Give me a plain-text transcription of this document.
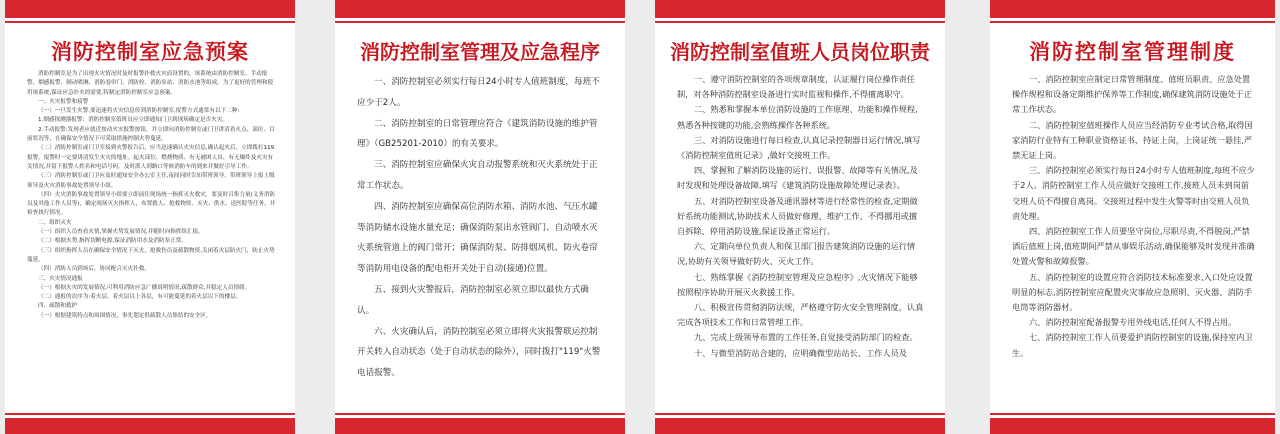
消防控制室应急预案

消防控制室是为了出现火灾情况时及时报警扑救火灾而设置的，该系统由消防控制室、手动报警、烟感报警、制动喷淋、消防卷帘门、消防栓、消防泵站、消防水池等组成。为了更好的管理和使用该系统,保证应急扑火的需要,特制定消防控制室应急预案。

一、火灾报警和接警

（一）一旦发生火警,要迅速将火灾信息传到消防控制室,报警方式通常有以下二种:

1.烟感探测器报警：消防控制室值班员应立即通知门卫到现场确定是否火灾。

2.手动报警:发现者应就近按动火灾报警按钮，并立即向消防控制室或门卫讲清着火点、部位、目前状况等，在确保安全情况下可采取措施控制火势蔓延。

（二）消防控制室或门卫室接到火警报告后，应当迅速确认火灾信息,确认起火后，立即拨打119报警。报警时一定要讲清发生火灾的地址、起火部位、燃烧物质、有无被困人员、有无爆炸及火灾有关情况,并留下报警人姓名和电话号码。及时派人到路口等候消防车的到来并做好引导工作。

（三）消防控制室或门卫应及时通知安全办公室主任,夜间同时告知带班领导。带班领导上报上级领导及火灾消防事故处置领导小组。

（四）火灾消防事故处置领导小组要立即前往现场统一指挥灭火救灾，要及时召集力量(义务消防员及其他工作人员等)，确定现场灭火指挥人，布置救人、抢救物资、灭火、供水、送医院等任务，并检查执行情况。

二、组织灭火

（一）组织人员查看火情,掌握火势发展情况,并随时向指挥组汇报。

（二）根据火势,指挥切断电源,保证消防用水及消防泵正常。

（三）组织指挥人员在确保安全情况下灭火，抢救伤员及疏散物资,关闭着火层防火门，防止火势蔓延。

（四）消防人员到场后，协同配合灭火扑救。

三、火灾情况通报

（一）根据火灾的发展情况,可利用消防应急广播说明情况,疏散群众,并稳定人员情绪。

（二）通报的次序为:着火层、着火层以上各层，有可能蔓延的着火层以下的楼层。

四、疏散和救护

（一）根据建筑特点和周围情况，事先划定供疏散人员集结的安全区。

消防控制室管理及应急程序

一、消防控制室必须实行每日24小时专人值班制度，每班不应少于2人。

二、消防控制室的日常管理应符合《建筑消防设施的维护管理》（GB25201-2010）的有关要求。

三、消防控制室应确保火灾自动报警系统和灭火系统处于正常工作状态。

四、消防控制室应确保高位消防水箱、消防水池、气压水罐等消防储水设施水量充足；确保消防泵出水管阀门、自动喷水灭火系统管道上的阀门常开；确保消防泵、防排烟风机、防火卷帘等消防用电设备的配电柜开关处于自动(接通)位置。

五、接到火灾警报后，消防控制室必须立即以最快方式确认。

六、火灾确认后，消防控制室必须立即将火灾报警联运控制开关转入自动状态（处于自动状态的除外），同时拨打"119"火警电话报警。

消防控制室值班人员岗位职责

一、遵守消防控制室的各项规章制度，认证履行岗位操作责任制，对各种消防控制室设备进行实时监视和操作,不得擅离职守。

二、熟悉和掌握本单位消防设施的工作原理、功能和操作规程,熟悉各种按键的功能,会熟练操作各种系统。

三、对消防设施进行每日检查,认真记录控制器日运行情况,填写《消防控制室值班记录》,做好交接班工作。

四、掌握和了解消防设施的运行、误报警、故障等有关情况,及时发现和处理设备故障,填写《建筑消防设施故障处理记录表》。

五、对消防控制室设备及通讯器材等进行经常性的检查,定期做好系统功能测试,协助技术人员做好修理、维护工作，不得挪用或擅自拆除、停用消防设施,保证设备正常运行。

六、定期向单位负责人和保卫部门报告建筑消防设施的运行情况,协助有关领导做好防火、灭火工作。

七、熟练掌握《消防控制室管理及应急程序》,火灾情况下能够按照程序协助开展灭火救援工作。

八、积极宣传贯彻消防法规，严格遵守防火安全管理制度，认真完成各项技术工作和日常管理工作。

九、完成上级领导布置的工作任务,自觉接受消防部门的检查。

十、与微型消防站合建的，应明确微型站站长、工作人员及

消防控制室管理制度

一、消防控制室应制定日常管理制度、值班员职责、应急处置操作规程和设备定期维护保养等工作制度,确保建筑消防设施处于正常工作状态。

二、消防控制室值班操作人员应当经消防专业考试合格,取得国家消防行业特有工种职业资格证书，持证上岗，上岗证统一悬挂,严禁无证上岗。

三、消防控制室必须实行每日24小时专人值班制度,每班不应少于2人。消防控制室工作人员应做好交接班工作,接班人员未到岗前交班人员不得擅自离岗。交接班过程中发生火警等时由交班人员负责处理。

四、消防控制室工作人员要坚守岗位,尽职尽责,不得脱岗,严禁酒后值班上岗,值班期间严禁从事娱乐活动,确保能够及时发现并准确处置火警和故障报警。

五、消防控制室的设置应符合消防技术标准要求,入口处应设置明显的标志,消防控制室应配置火灾事故应急照明、灭火器、消防手电筒等消防器材。

六、消防控制室配备报警专用外线电话,任何人不得占用。

七、消防控制室工作人员要爱护消防控制室的设施,保持室内卫生。
